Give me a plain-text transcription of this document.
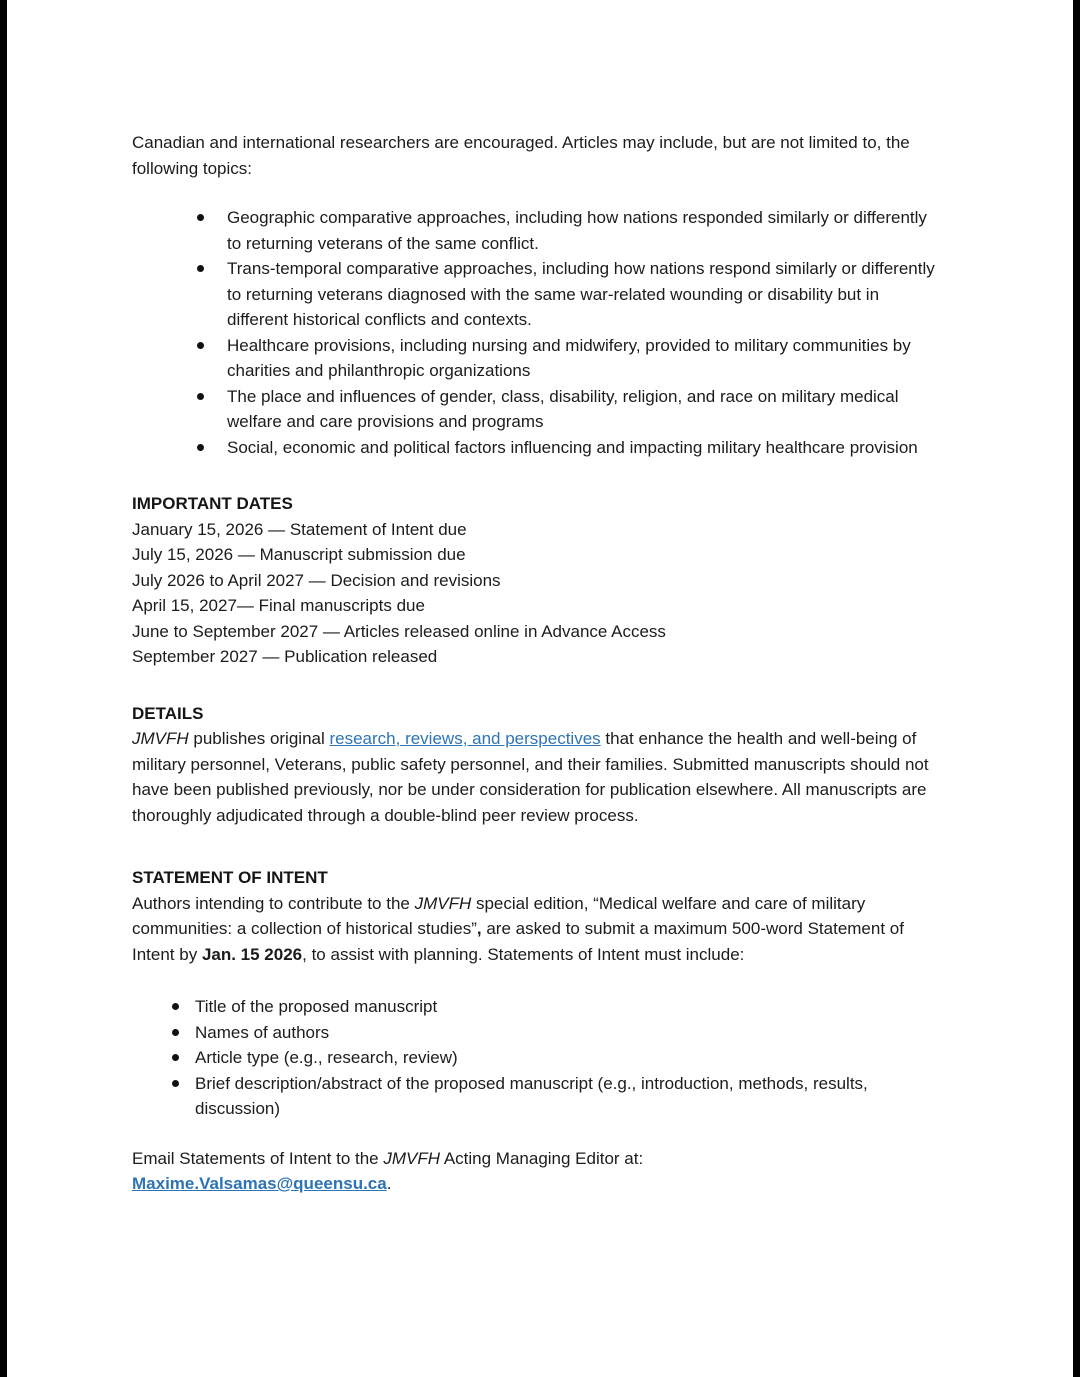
Canadian and international researchers are encouraged. Articles may include, but are not limited to, the following topics:

Geographic comparative approaches, including how nations responded similarly or differently to returning veterans of the same conflict.
Trans-temporal comparative approaches, including how nations respond similarly or differently to returning veterans diagnosed with the same war-related wounding or disability but in different historical conflicts and contexts.
Healthcare provisions, including nursing and midwifery, provided to military communities by charities and philanthropic organizations
The place and influences of gender, class, disability, religion, and race on military medical welfare and care provisions and programs
Social, economic and political factors influencing and impacting military healthcare provision
IMPORTANT DATES
January 15, 2026 — Statement of Intent due
July 15, 2026 — Manuscript submission due
July 2026 to April 2027 — Decision and revisions
April 15, 2027— Final manuscripts due
June to September 2027 — Articles released online in Advance Access
September 2027 — Publication released
DETAILS

JMVFH publishes original research, reviews, and perspectives that enhance the health and well-being of military personnel, Veterans, public safety personnel, and their families. Submitted manuscripts should not have been published previously, nor be under consideration for publication elsewhere. All manuscripts are thoroughly adjudicated through a double-blind peer review process.

STATEMENT OF INTENT

Authors intending to contribute to the JMVFH special edition, “Medical welfare and care of military communities: a collection of historical studies”, are asked to submit a maximum 500-word Statement of Intent by Jan. 15 2026, to assist with planning. Statements of Intent must include:

Title of the proposed manuscript
Names of authors
Article type (e.g., research, review)
Brief description/abstract of the proposed manuscript (e.g., introduction, methods, results, discussion)

Email Statements of Intent to the JMVFH Acting Managing Editor at:
Maxime.Valsamas@queensu.ca.
